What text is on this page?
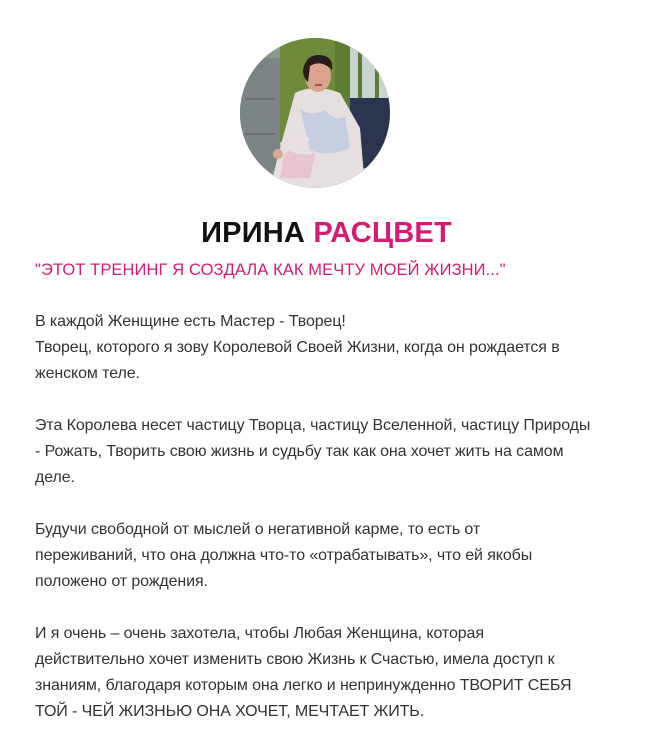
ИРИНА РАСЦВЕТ
"ЭТОТ ТРЕНИНГ Я СОЗДАЛА КАК МЕЧТУ МОЕЙ ЖИЗНИ..."

В каждой Женщине есть Мастер - Творец!
Творец, которого я зову Королевой Своей Жизни, когда он рождается в
женском теле.

Эта Королева несет частицу Творца, частицу Вселенной, частицу Природы
- Рожать, Творить свою жизнь и судьбу так как она хочет жить на самом
деле.

Будучи свободной от мыслей о негативной карме, то есть от
переживаний, что она должна что-то «отрабатывать», что ей якобы
положено от рождения.

И я очень – очень захотела, чтобы Любая Женщина, которая
действительно хочет изменить свою Жизнь к Счастью, имела доступ к
знаниям, благодаря которым она легко и непринужденно ТВОРИТ СЕБЯ
ТОЙ - ЧЕЙ ЖИЗНЬЮ ОНА ХОЧЕТ, МЕЧТАЕТ ЖИТЬ.
